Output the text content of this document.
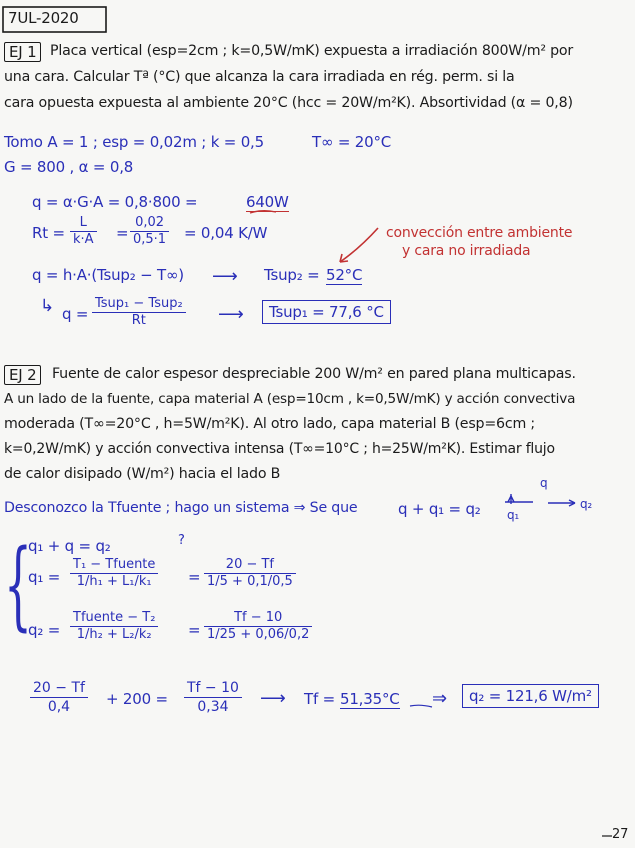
7UL-2020
EJ 1 Placa vertical (esp=2cm ; k=0,5W/mK) expuesta a irradiación 800W/m² por
una cara. Calcular Tª (°C) que alcanza la cara irradiada en rég. perm. si la
cara opuesta expuesta al ambiente 20°C (hcc = 20W/m²K). Absortividad (α = 0,8)
Tomo A = 1 ; esp = 0,02m ; k = 0,5	T∞ = 20°C
G = 800 , α = 0,8
q = α·G·A = 0,8·800 =	640W
Rt =
L
k·A =
0,02
0,5·1 = 0,04 K/W	convección entre ambiente
y cara no irradiada
q = h·A·(Tsup₂ − T∞) ⟶ Tsup₂ = 52°C
↳ q =
Tsup₁ − Tsup₂
Rt	⟶	Tsup₁ = 77,6 °C
EJ 2	Fuente de calor espesor despreciable 200 W/m² en pared plana multicapas.
A un lado de la fuente, capa material A (esp=10cm , k=0,5W/mK) y acción convectiva
moderada (T∞=20°C , h=5W/m²K). Al otro lado, capa material B (esp=6cm ;
k=0,2W/mK) y acción convectiva intensa (T∞=10°C ; h=25W/m²K). Estimar flujo
de calor disipado (W/m²) hacia el lado B
Desconozco la Tfuente ; hago un sistema ⇒ Se que	q + q₁ = q₂
q
q₁
q₂
{
q₁ + q = q₂	?
q₁ =
T₁ − Tfuente
1/h₁ + L₁/k₁ =
20 − Tf
1/5 + 0,1/0,5
q₂ =
Tfuente − T₂
1/h₂ + L₂/k₂ =
Tf − 10
1/25 + 0,06/0,2
20 − Tf
0,4 + 200 =
Tf − 10
0,34 ⟶ Tf = 51,35°C ⇒	q₂ = 121,6 W/m²
27
